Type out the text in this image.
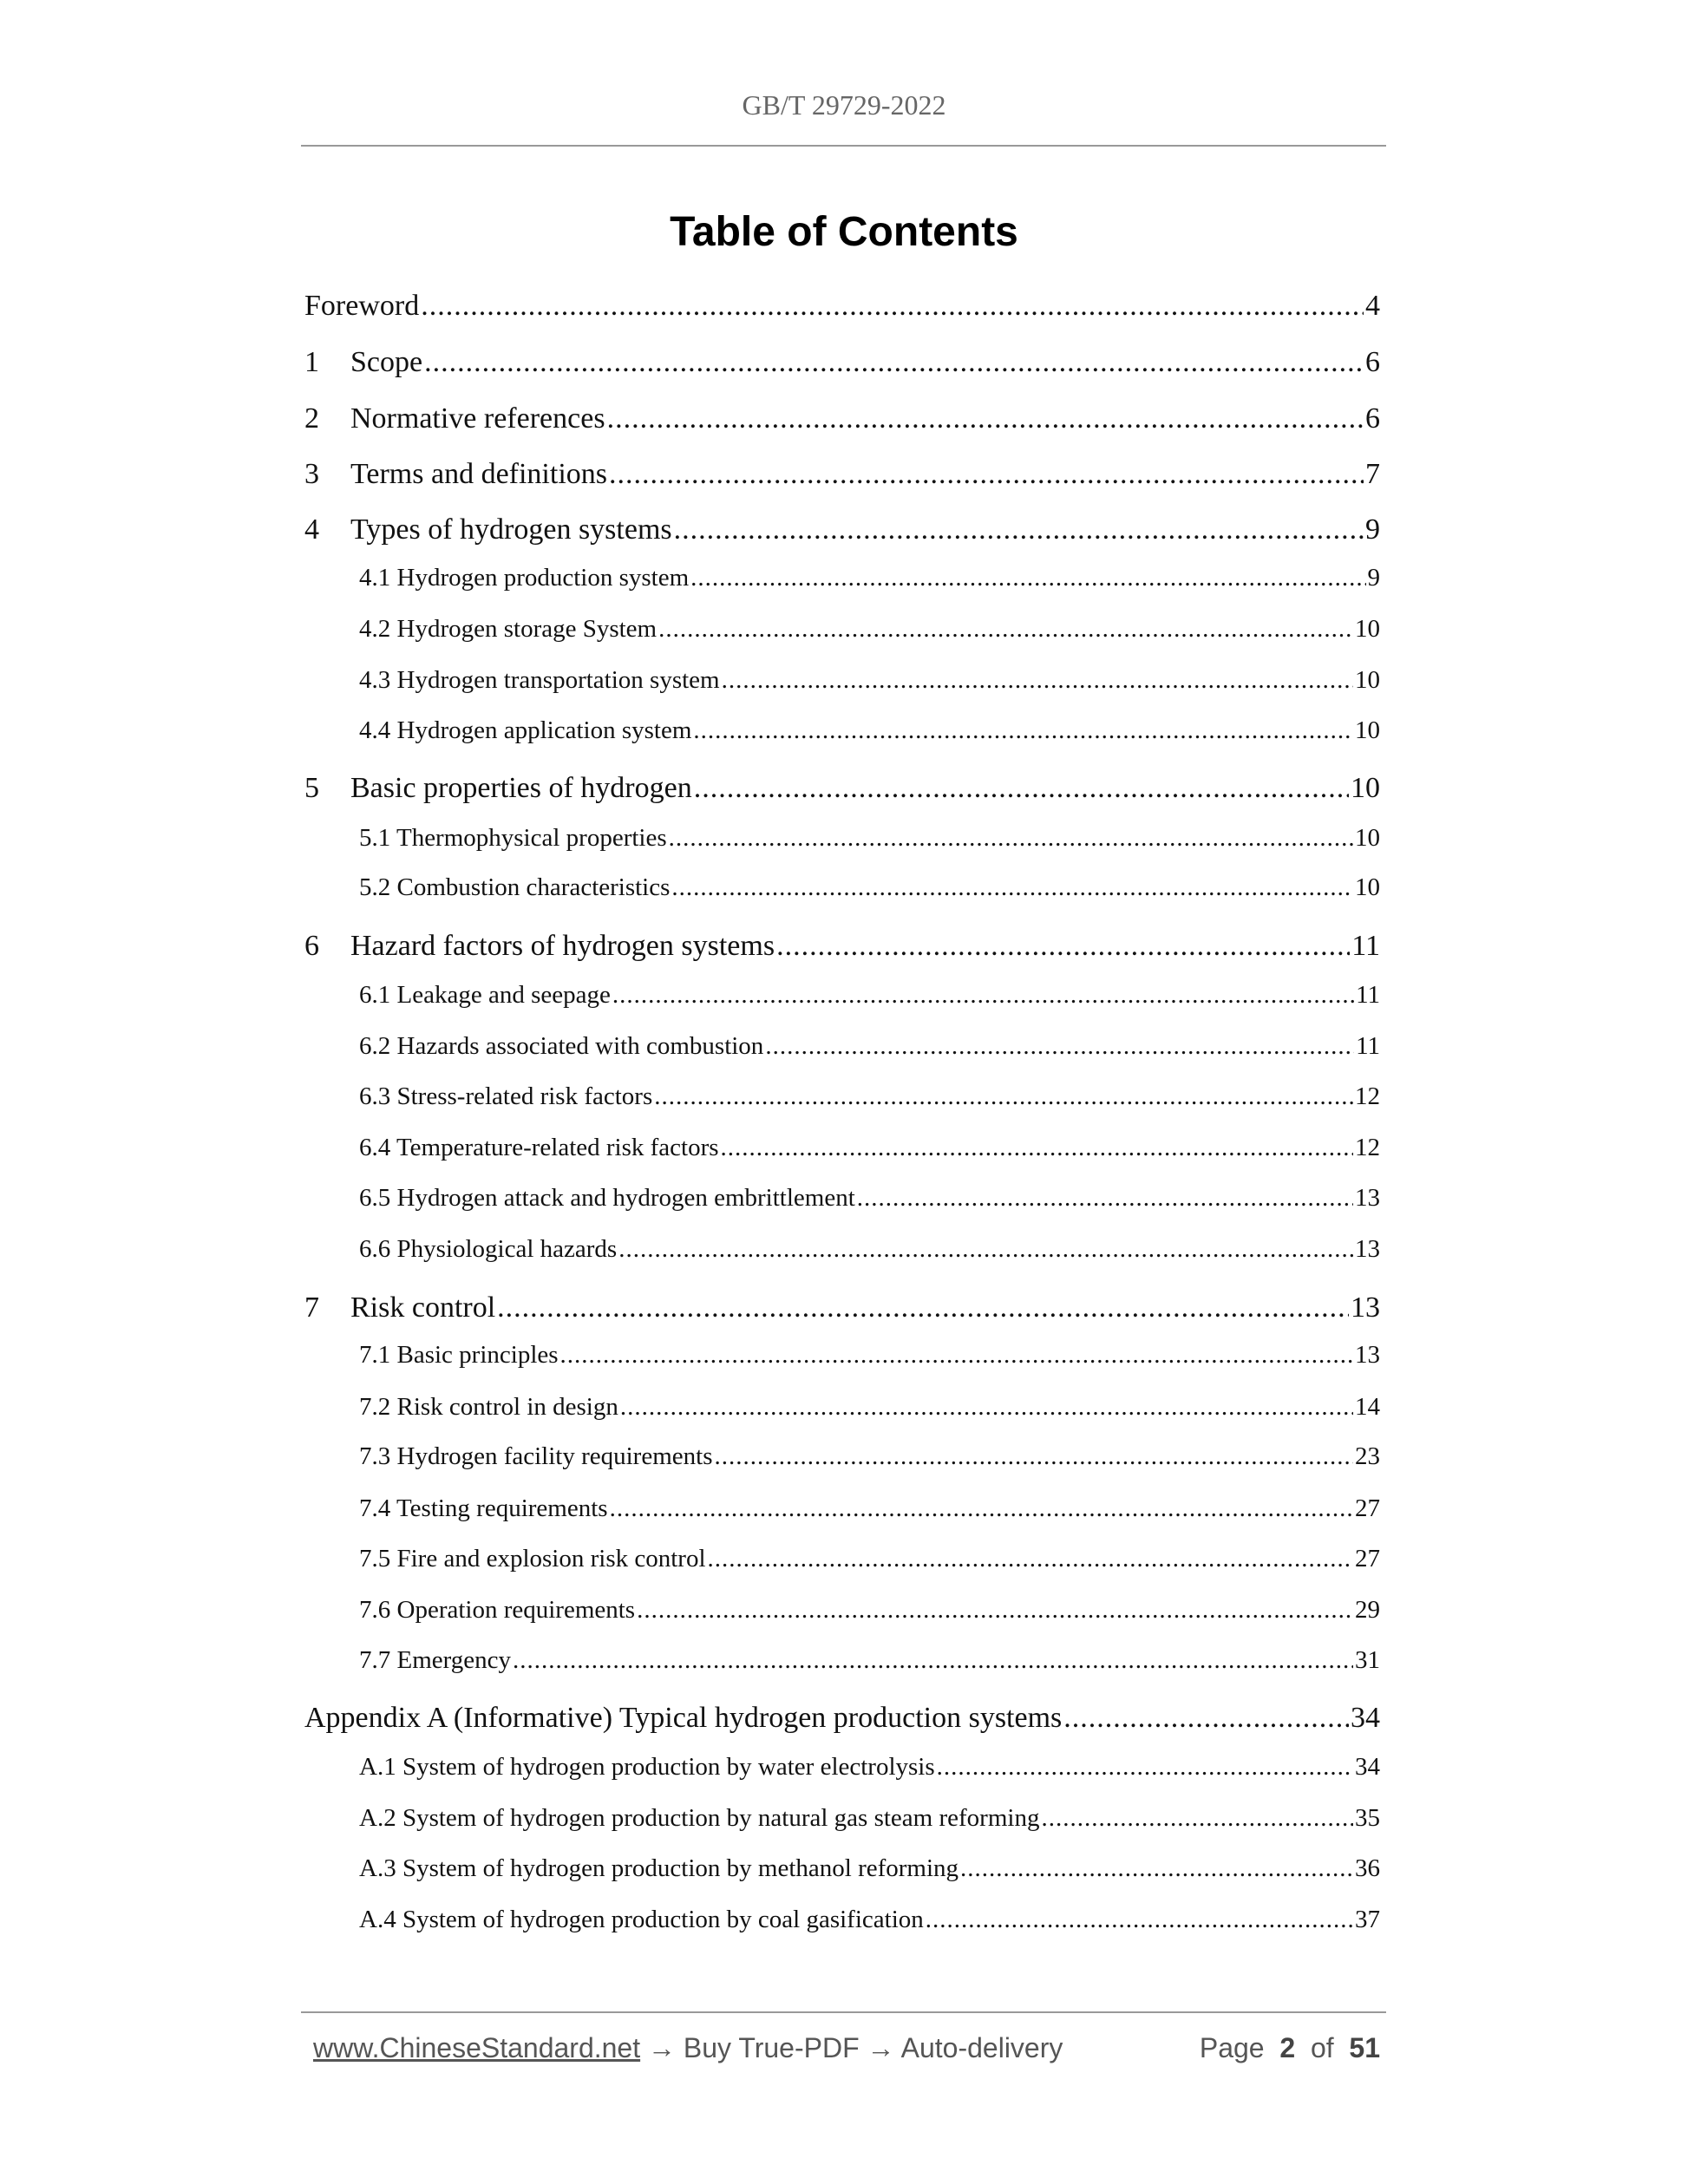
GB/T 29729-2022
Table of Contents
Foreword .....	4
1	Scope .....	6
2	Normative references .....	6
3	Terms and definitions .....	7
4	Types of hydrogen systems .....	9
4.1 Hydrogen production system .....	9
4.2 Hydrogen storage System .....	10
4.3 Hydrogen transportation system .....	10
4.4 Hydrogen application system .....	10
5	Basic properties of hydrogen .....	10
5.1 Thermophysical properties .....	10
5.2 Combustion characteristics .....	10
6	Hazard factors of hydrogen systems .....	11
6.1 Leakage and seepage .....	11
6.2 Hazards associated with combustion .....	11
6.3 Stress-related risk factors .....	12
6.4 Temperature-related risk factors .....	12
6.5 Hydrogen attack and hydrogen embrittlement .....	13
6.6 Physiological hazards .....	13
7	Risk control .....	13
7.1 Basic principles .....	13
7.2 Risk control in design .....	14
7.3 Hydrogen facility requirements .....	23
7.4 Testing requirements .....	27
7.5 Fire and explosion risk control .....	27
7.6 Operation requirements .....	29
7.7 Emergency .....	31
Appendix A (Informative) Typical hydrogen production systems .....	34
A.1 System of hydrogen production by water electrolysis .....	34
A.2 System of hydrogen production by natural gas steam reforming .....	35
A.3 System of hydrogen production by methanol reforming .....	36
A.4 System of hydrogen production by coal gasification .....	37
www.ChineseStandard.net → Buy True-PDF → Auto-delivery	Page 2 of 51
